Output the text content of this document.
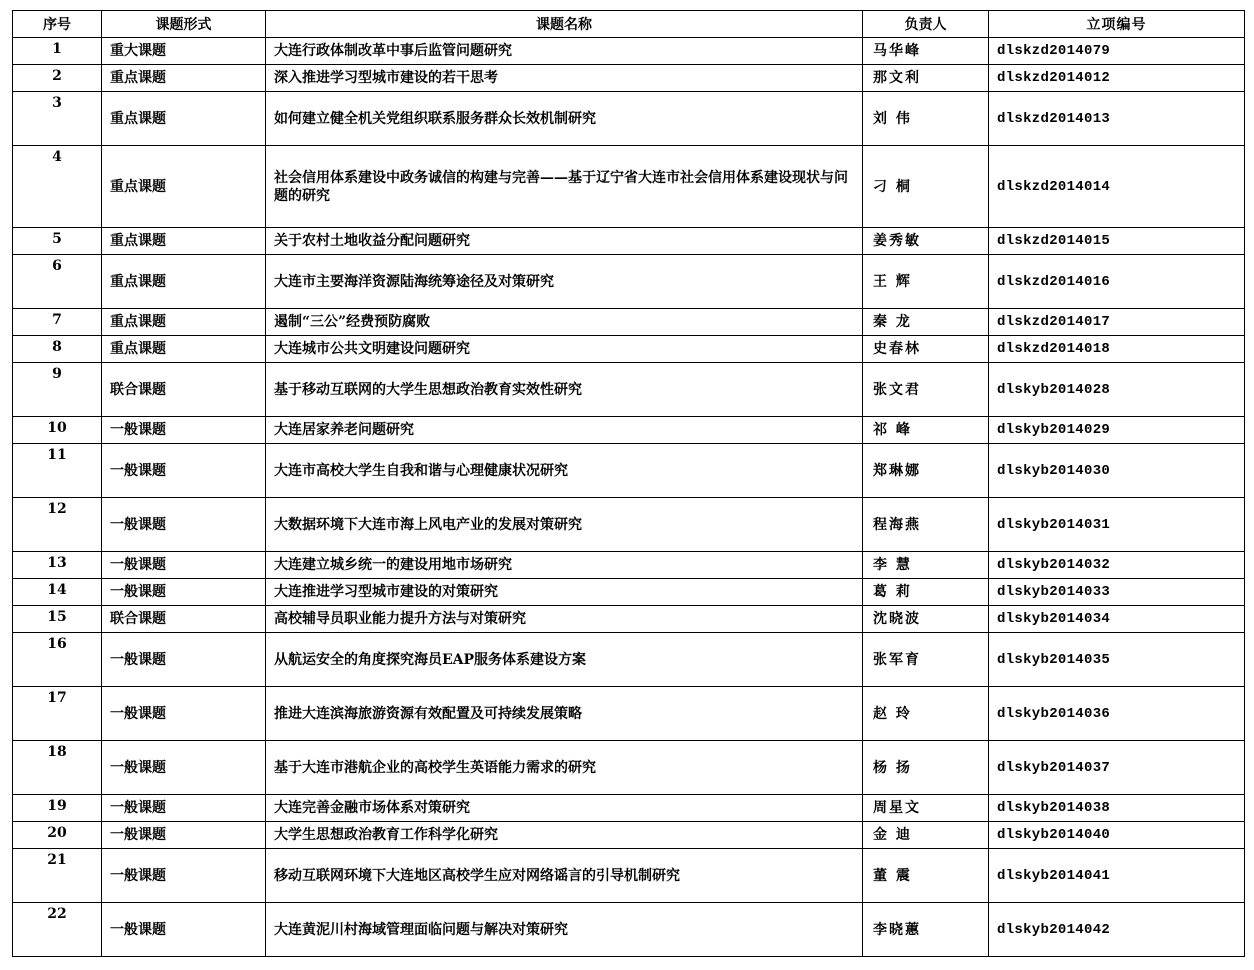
序号	课题形式	课题名称	负责人	立项编号
1	重大课题	大连行政体制改革中事后监管问题研究	马华峰	dlskzd2014079
2	重点课题	深入推进学习型城市建设的若干思考	那文利	dlskzd2014012
3	重点课题	如何建立健全机关党组织联系服务群众长效机制研究	刘 伟	dlskzd2014013
4	重点课题	社会信用体系建设中政务诚信的构建与完善——基于辽宁省大连市社会信用体系建设现状与问题的研究	刁 桐	dlskzd2014014
5	重点课题	关于农村土地收益分配问题研究	姜秀敏	dlskzd2014015
6	重点课题	大连市主要海洋资源陆海统筹途径及对策研究	王 辉	dlskzd2014016
7	重点课题	遏制“三公”经费预防腐败	秦 龙	dlskzd2014017
8	重点课题	大连城市公共文明建设问题研究	史春林	dlskzd2014018
9	联合课题	基于移动互联网的大学生思想政治教育实效性研究	张文君	dlskyb2014028
10	一般课题	大连居家养老问题研究	祁 峰	dlskyb2014029
11	一般课题	大连市高校大学生自我和谐与心理健康状况研究	郑琳娜	dlskyb2014030
12	一般课题	大数据环境下大连市海上风电产业的发展对策研究	程海燕	dlskyb2014031
13	一般课题	大连建立城乡统一的建设用地市场研究	李 慧	dlskyb2014032
14	一般课题	大连推进学习型城市建设的对策研究	葛 莉	dlskyb2014033
15	联合课题	高校辅导员职业能力提升方法与对策研究	沈晓波	dlskyb2014034
16	一般课题	从航运安全的角度探究海员EAP服务体系建设方案	张军育	dlskyb2014035
17	一般课题	推进大连滨海旅游资源有效配置及可持续发展策略	赵 玲	dlskyb2014036
18	一般课题	基于大连市港航企业的高校学生英语能力需求的研究	杨 扬	dlskyb2014037
19	一般课题	大连完善金融市场体系对策研究	周星文	dlskyb2014038
20	一般课题	大学生思想政治教育工作科学化研究	金 迪	dlskyb2014040
21	一般课题	移动互联网环境下大连地区高校学生应对网络谣言的引导机制研究	董 震	dlskyb2014041
22	一般课题	大连黄泥川村海域管理面临问题与解决对策研究	李晓蕙	dlskyb2014042
